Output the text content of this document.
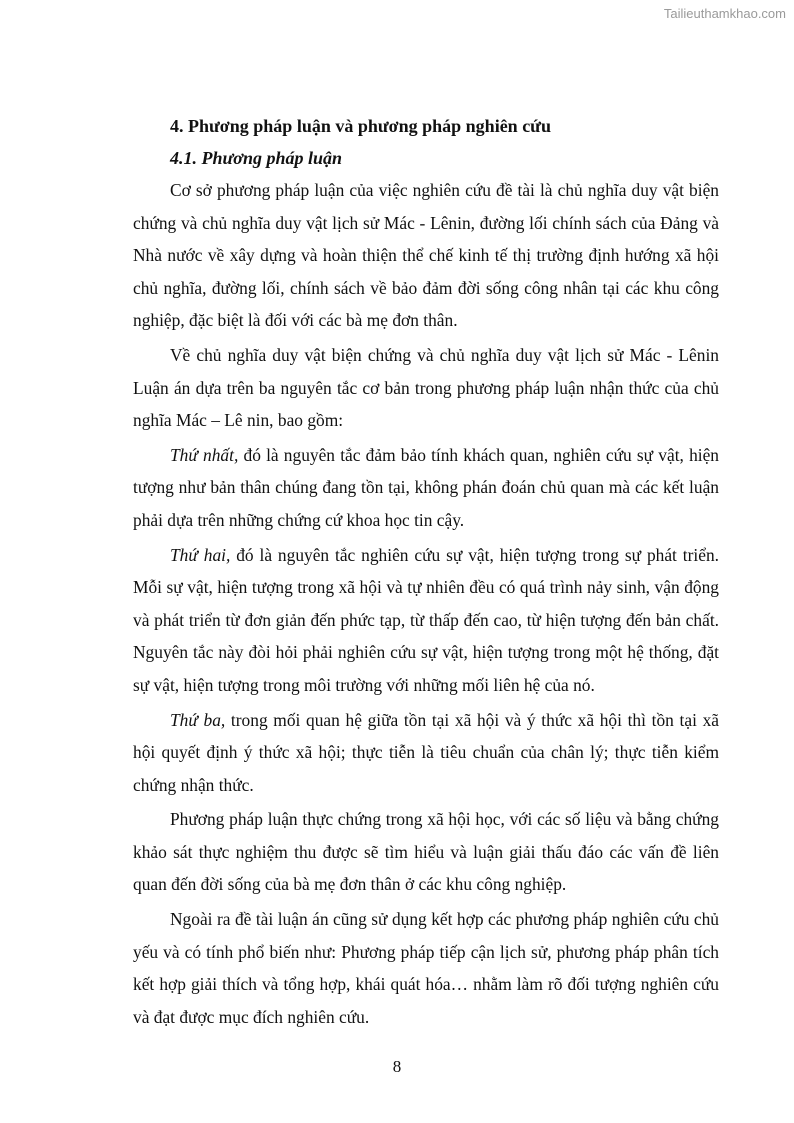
Tailieuthamkhao.com
4. Phương pháp luận và phương pháp nghiên cứu
4.1. Phương pháp luận

Cơ sở phương pháp luận của việc nghiên cứu đề tài là chủ nghĩa duy vật biện chứng và chủ nghĩa duy vật lịch sử Mác - Lênin, đường lối chính sách của Đảng và Nhà nước về xây dựng và hoàn thiện thể chế kinh tế thị trường định hướng xã hội chủ nghĩa, đường lối, chính sách về bảo đảm đời sống công nhân tại các khu công nghiệp, đặc biệt là đối với các bà mẹ đơn thân.

Về chủ nghĩa duy vật biện chứng và chủ nghĩa duy vật lịch sử Mác - Lênin Luận án dựa trên ba nguyên tắc cơ bản trong phương pháp luận nhận thức của chủ nghĩa Mác – Lê nin, bao gồm:

Thứ nhất, đó là nguyên tắc đảm bảo tính khách quan, nghiên cứu sự vật, hiện tượng như bản thân chúng đang tồn tại, không phán đoán chủ quan mà các kết luận phải dựa trên những chứng cứ khoa học tin cậy.

Thứ hai, đó là nguyên tắc nghiên cứu sự vật, hiện tượng trong sự phát triển. Mỗi sự vật, hiện tượng trong xã hội và tự nhiên đều có quá trình nảy sinh, vận động và phát triển từ đơn giản đến phức tạp, từ thấp đến cao, từ hiện tượng đến bản chất. Nguyên tắc này đòi hỏi phải nghiên cứu sự vật, hiện tượng trong một hệ thống, đặt sự vật, hiện tượng trong môi trường với những mối liên hệ của nó.

Thứ ba, trong mối quan hệ giữa tồn tại xã hội và ý thức xã hội thì tồn tại xã hội quyết định ý thức xã hội; thực tiễn là tiêu chuẩn của chân lý; thực tiễn kiểm chứng nhận thức.

Phương pháp luận thực chứng trong xã hội học, với các số liệu và bằng chứng khảo sát thực nghiệm thu được sẽ tìm hiểu và luận giải thấu đáo các vấn đề liên quan đến đời sống của bà mẹ đơn thân ở các khu công nghiệp.

Ngoài ra đề tài luận án cũng sử dụng kết hợp các phương pháp nghiên cứu chủ yếu và có tính phổ biến như: Phương pháp tiếp cận lịch sử, phương pháp phân tích kết hợp giải thích và tổng hợp, khái quát hóa… nhằm làm rõ đối tượng nghiên cứu và đạt được mục đích nghiên cứu.

8
